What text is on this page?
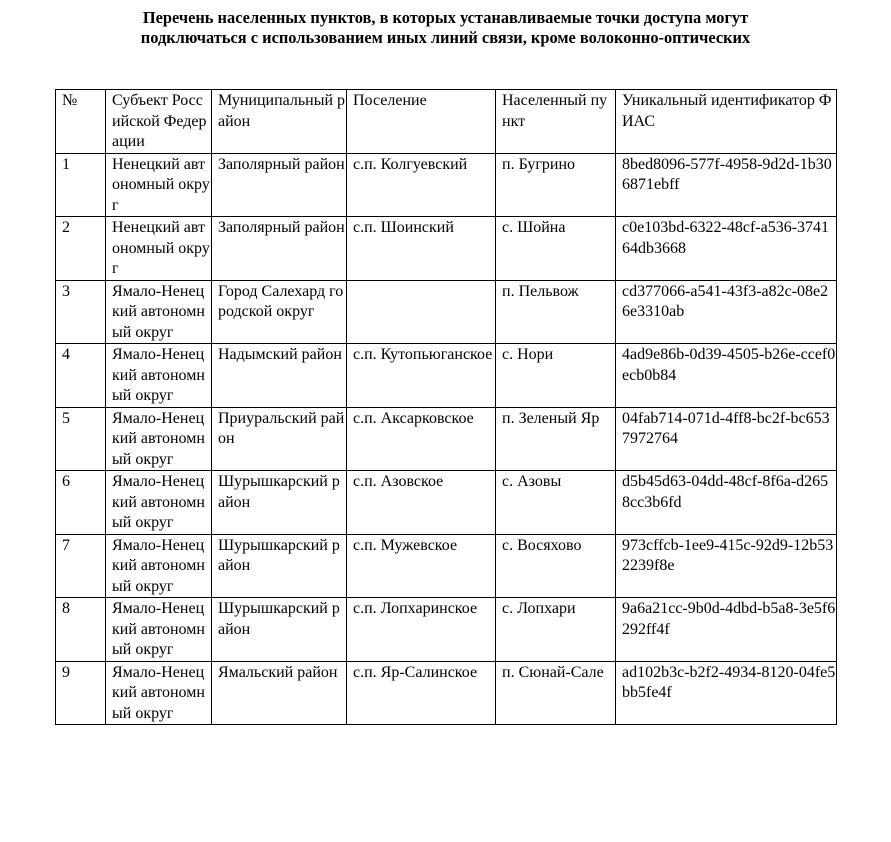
Перечень населенных пунктов, в которых устанавливаемые точки доступа могут
подключаться с использованием иных линий связи, кроме волоконно-оптических
№	Субъект Российской Федерации	Муниципальный район	Поселение	Населенный пункт	Уникальный идентификатор ФИАС
1	Ненецкий автономный округ	Заполярный район	с.п. Колгуевский	п. Бугрино	8bed8096-577f-4958-9d2d-1b306871ebff
2	Ненецкий автономный округ	Заполярный район	с.п. Шоинский	с. Шойна	c0e103bd-6322-48cf-a536-374164db3668
3	Ямало-Ненецкий автономный округ	Город Салехард городской округ		п. Пельвож	cd377066-a541-43f3-a82c-08e26e3310ab
4	Ямало-Ненецкий автономный округ	Надымский район	с.п. Кутопьюганское	с. Нори	4ad9e86b-0d39-4505-b26e-ccef0ecb0b84
5	Ямало-Ненецкий автономный округ	Приуральский район	с.п. Аксарковское	п. Зеленый Яр	04fab714-071d-4ff8-bc2f-bc6537972764
6	Ямало-Ненецкий автономный округ	Шурышкарский район	с.п. Азовское	с. Азовы	d5b45d63-04dd-48cf-8f6a-d2658cc3b6fd
7	Ямало-Ненецкий автономный округ	Шурышкарский район	с.п. Мужевское	с. Восяхово	973cffcb-1ee9-415c-92d9-12b532239f8e
8	Ямало-Ненецкий автономный округ	Шурышкарский район	с.п. Лопхаринское	с. Лопхари	9a6a21cc-9b0d-4dbd-b5a8-3e5f6292ff4f
9	Ямало-Ненецкий автономный округ	Ямальский район	с.п. Яр-Салинское	п. Сюнай-Сале	ad102b3c-b2f2-4934-8120-04fe5bb5fe4f
